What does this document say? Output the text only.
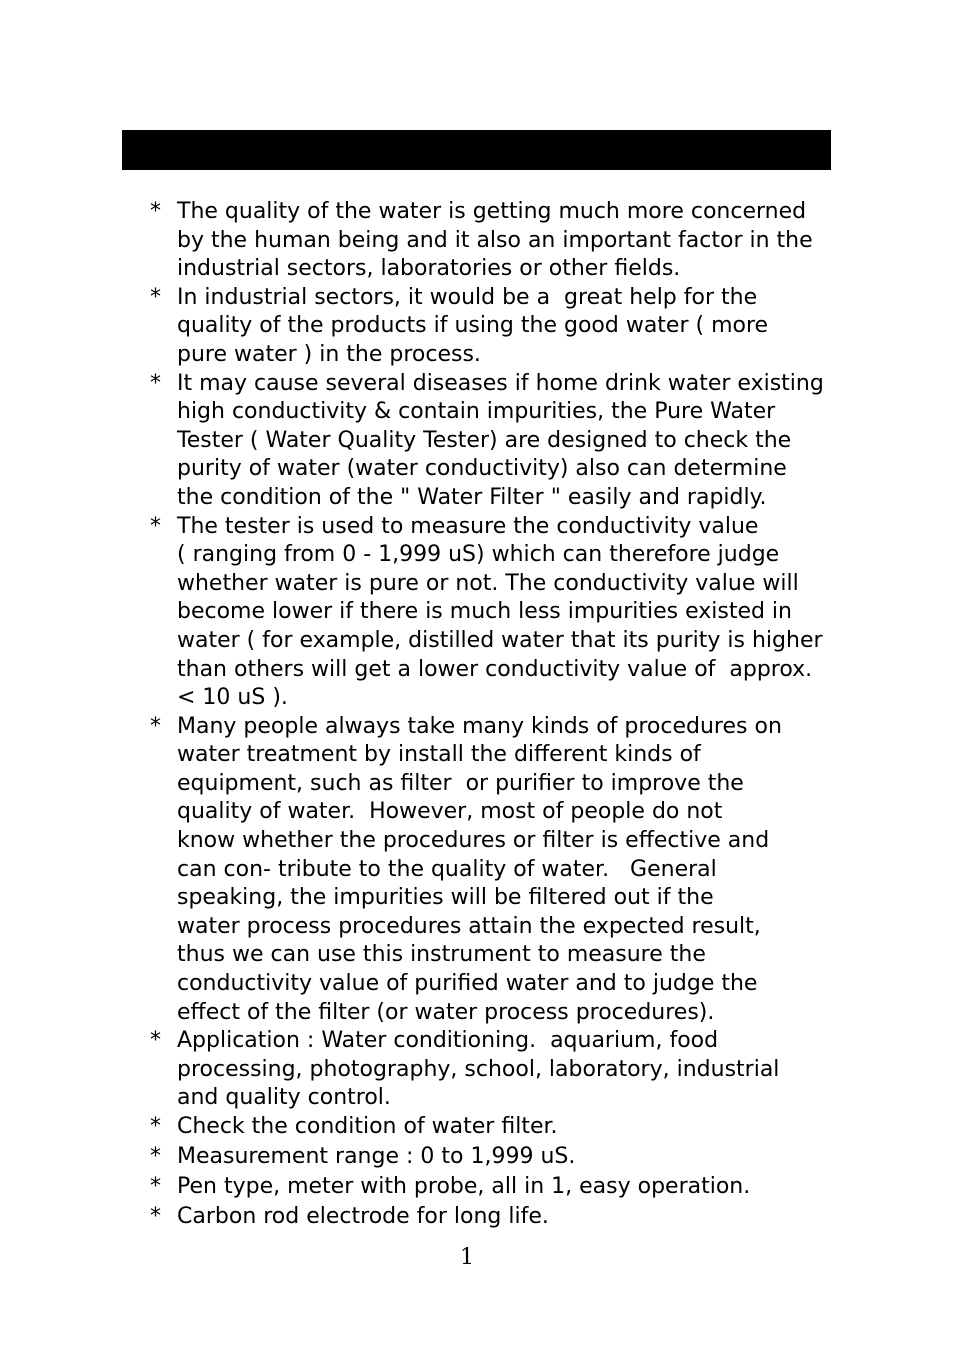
* The quality of the water is getting much more concerned
by the human being and it also an important factor in the
industrial sectors, laboratories or other fields.
* In industrial sectors, it would be a  great help for the
quality of the products if using the good water ( more
pure water ) in the process.
* It may cause several diseases if home drink water existing
high conductivity & contain impurities, the Pure Water
Tester ( Water Quality Tester) are designed to check the
purity of water (water conductivity) also can determine
the condition of the " Water Filter " easily and rapidly.
* The tester is used to measure the conductivity value
( ranging from 0 - 1,999 uS) which can therefore judge
whether water is pure or not. The conductivity value will
become lower if there is much less impurities existed in
water ( for example, distilled water that its purity is higher
than others will get a lower conductivity value of  approx.
< 10 uS ).
* Many people always take many kinds of procedures on
water treatment by install the different kinds of
equipment, such as filter  or purifier to improve the
quality of water.  However, most of people do not
know whether the procedures or filter is effective and
can con- tribute to the quality of water.   General
speaking, the impurities will be filtered out if the
water process procedures attain the expected result,
thus we can use this instrument to measure the
conductivity value of purified water and to judge the
effect of the filter (or water process procedures).
* Application : Water conditioning.  aquarium, food
processing, photography, school, laboratory, industrial
and quality control.
* Check the condition of water filter.
* Measurement range : 0 to 1,999 uS.
* Pen type, meter with probe, all in 1, easy operation.
* Carbon rod electrode for long life.
1
